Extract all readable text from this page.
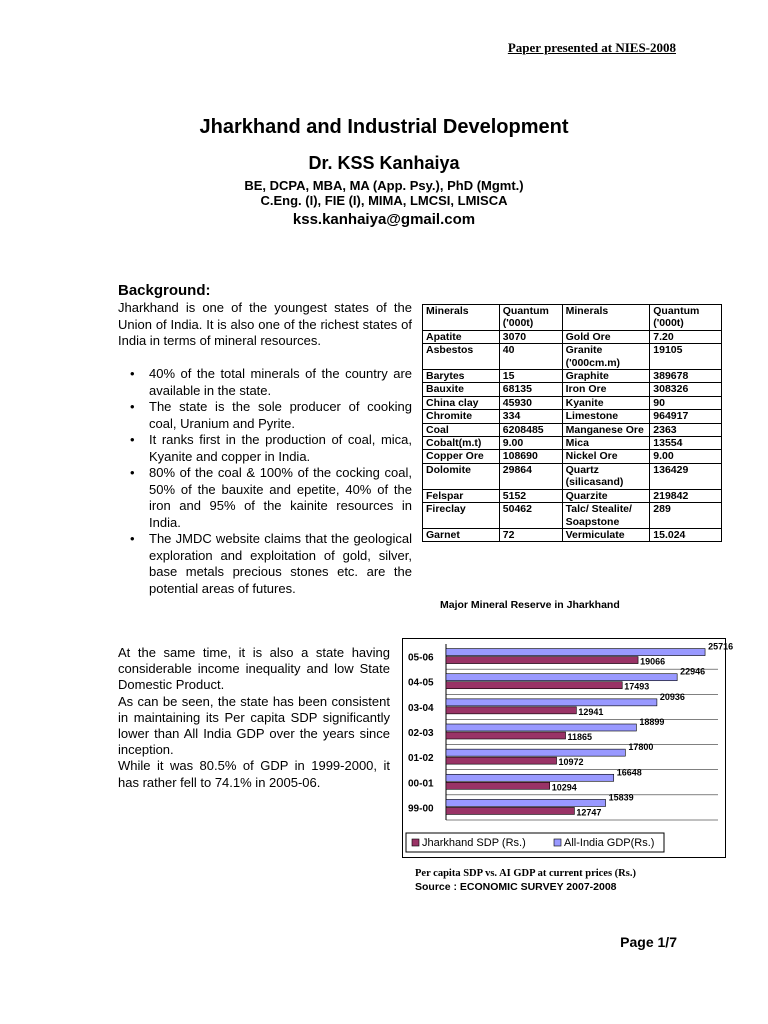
Paper presented at NIES-2008
Jharkhand and Industrial Development
Dr. KSS Kanhaiya
BE, DCPA, MBA, MA (App. Psy.), PhD (Mgmt.)
C.Eng. (I), FIE (I), MIMA, LMCSI, LMISCA
kss.kanhaiya@gmail.com
Background:

Jharkhand is one of the youngest states of the Union of India. It is also one of the richest states of India in terms of mineral resources.

• 40% of the total minerals of the country are available in the state.
• The state is the sole producer of cooking coal, Uranium and Pyrite.
• It ranks first in the production of coal, mica, Kyanite and copper in India.
• 80% of the coal & 100% of the cocking coal, 50% of the bauxite and epetite, 40% of the iron and 95% of the kainite resources in India.
• The JMDC website claims that the geological exploration and exploitation of gold, silver, base metals precious stones etc. are the potential areas of futures.
Minerals	Quantum ('000t)	Minerals	Quantum ('000t)
Apatite	3070	Gold Ore	7.20
Asbestos	40	Granite ('000cm.m)	19105
Barytes	15	Graphite	389678
Bauxite	68135	Iron Ore	308326
China clay	45930	Kyanite	90
Chromite	334	Limestone	964917
Coal	6208485	Manganese Ore	2363
Cobalt(m.t)	9.00	Mica	13554
Copper Ore	108690	Nickel Ore	9.00
Dolomite	29864	Quartz (silicasand)	136429
Felspar	5152	Quarzite	219842
Fireclay	50462	Talc/ Stealite/ Soapstone	289
Garnet	72	Vermiculate	15.024
Major Mineral Reserve in Jharkhand

At the same time, it is also a state having considerable income inequality and low State Domestic Product.

As can be seen, the state has been consistent in maintaining its Per capita SDP significantly lower than All India GDP over the years since inception.

While it was 80.5% of GDP in 1999-2000, it has rather fell to 74.1% in 2005-06.

05-06
25716
19066
04-05
22946
17493
03-04
20936
12941
02-03
18899
11865
01-02
17800
10972
00-01
16648
10294
99-00
15839
12747
Jharkhand SDP (Rs.)	All-India GDP(Rs.)
Per capita SDP vs. AI GDP at current prices (Rs.)
Source : ECONOMIC SURVEY 2007-2008
Page 1/7
